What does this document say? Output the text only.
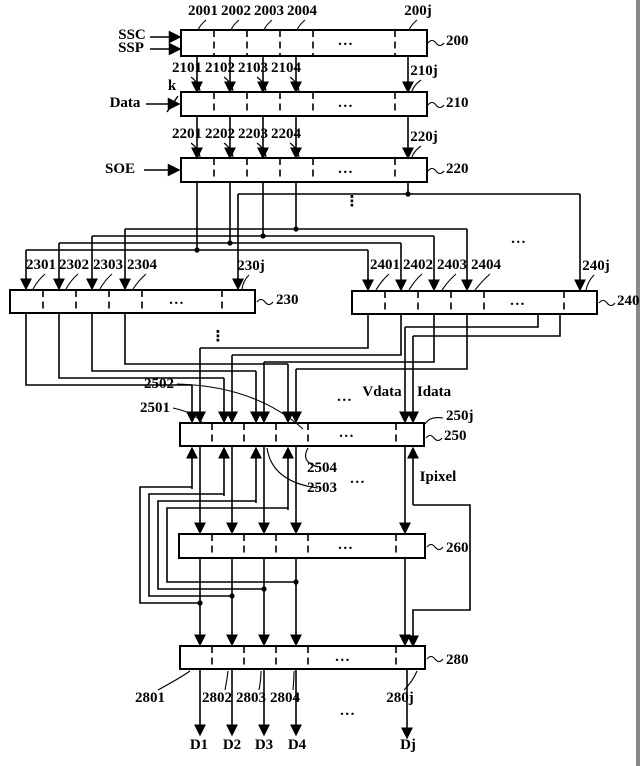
SSC
SSP
Data
k
SOE
Vdata Idata
Ipixel
2001 2002 2003 2004	200j
2101 2102 2103 2104	210j
2201 2202 2203 2204	220j
2301 2302 2303 2304	230j	2401 2402 2403 2404	240j
2501
2502
2503
2504
2801 2802 2803 2804	280j
200
210
220
230	240
250j
250
260
280
D1 D2 D3 D4	Dj
...
...
...
...
...	...
...
...
...
...
...
...
⋮
⋮
